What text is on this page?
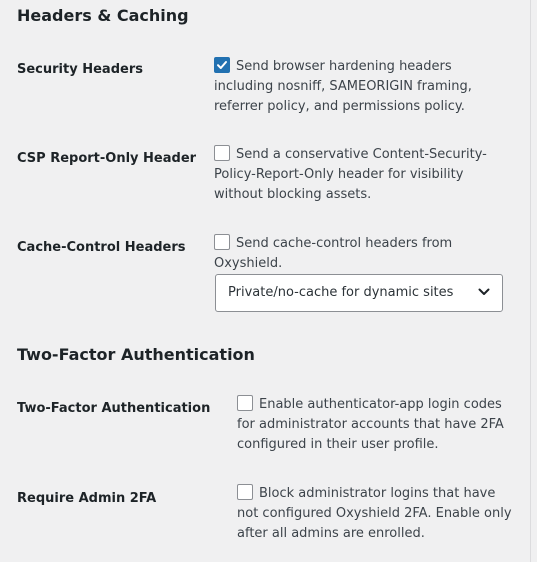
Headers & Caching

Security Headers	Send browser hardening headers including nosniff, SAMEORIGIN framing, referrer policy, and permissions policy.

CSP Report-Only Header	Send a conservative Content-Security-Policy-Report-Only header for visibility without blocking assets.

Cache-Control Headers	Send cache-control headers from Oxyshield.
Private/no-cache for dynamic sites
Two-Factor Authentication

Two-Factor Authentication	Enable authenticator-app login codes for administrator accounts that have 2FA configured in their user profile.

Require Admin 2FA	Block administrator logins that have not configured Oxyshield 2FA. Enable only after all admins are enrolled.
